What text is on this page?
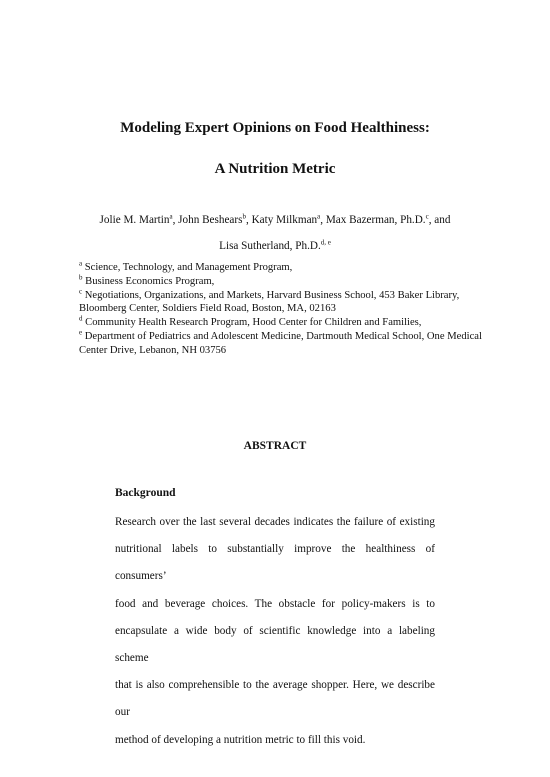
Modeling Expert Opinions on Food Healthiness:
A Nutrition Metric
Jolie M. Martin$^a$, John Beshears$^b$, Katy Milkman$^a$, Max Bazerman, Ph.D.$^c$, and
Lisa Sutherland, Ph.D.$^{d, e}$
$^a$ Science, Technology, and Management Program,
$^b$ Business Economics Program,
$^c$ Negotiations, Organizations, and Markets, Harvard Business School, 453 Baker Library, Bloomberg Center, Soldiers Field Road, Boston, MA, 02163
$^d$ Community Health Research Program, Hood Center for Children and Families,
$^e$ Department of Pediatrics and Adolescent Medicine, Dartmouth Medical School, One Medical Center Drive, Lebanon, NH 03756
ABSTRACT
Background
Research over the last several decades indicates the failure of existing
nutritional labels to substantially improve the healthiness of consumers’
food and beverage choices. The obstacle for policy-makers is to
encapsulate a wide body of scientific knowledge into a labeling scheme
that is also comprehensible to the average shopper. Here, we describe our
method of developing a nutrition metric to fill this void.
